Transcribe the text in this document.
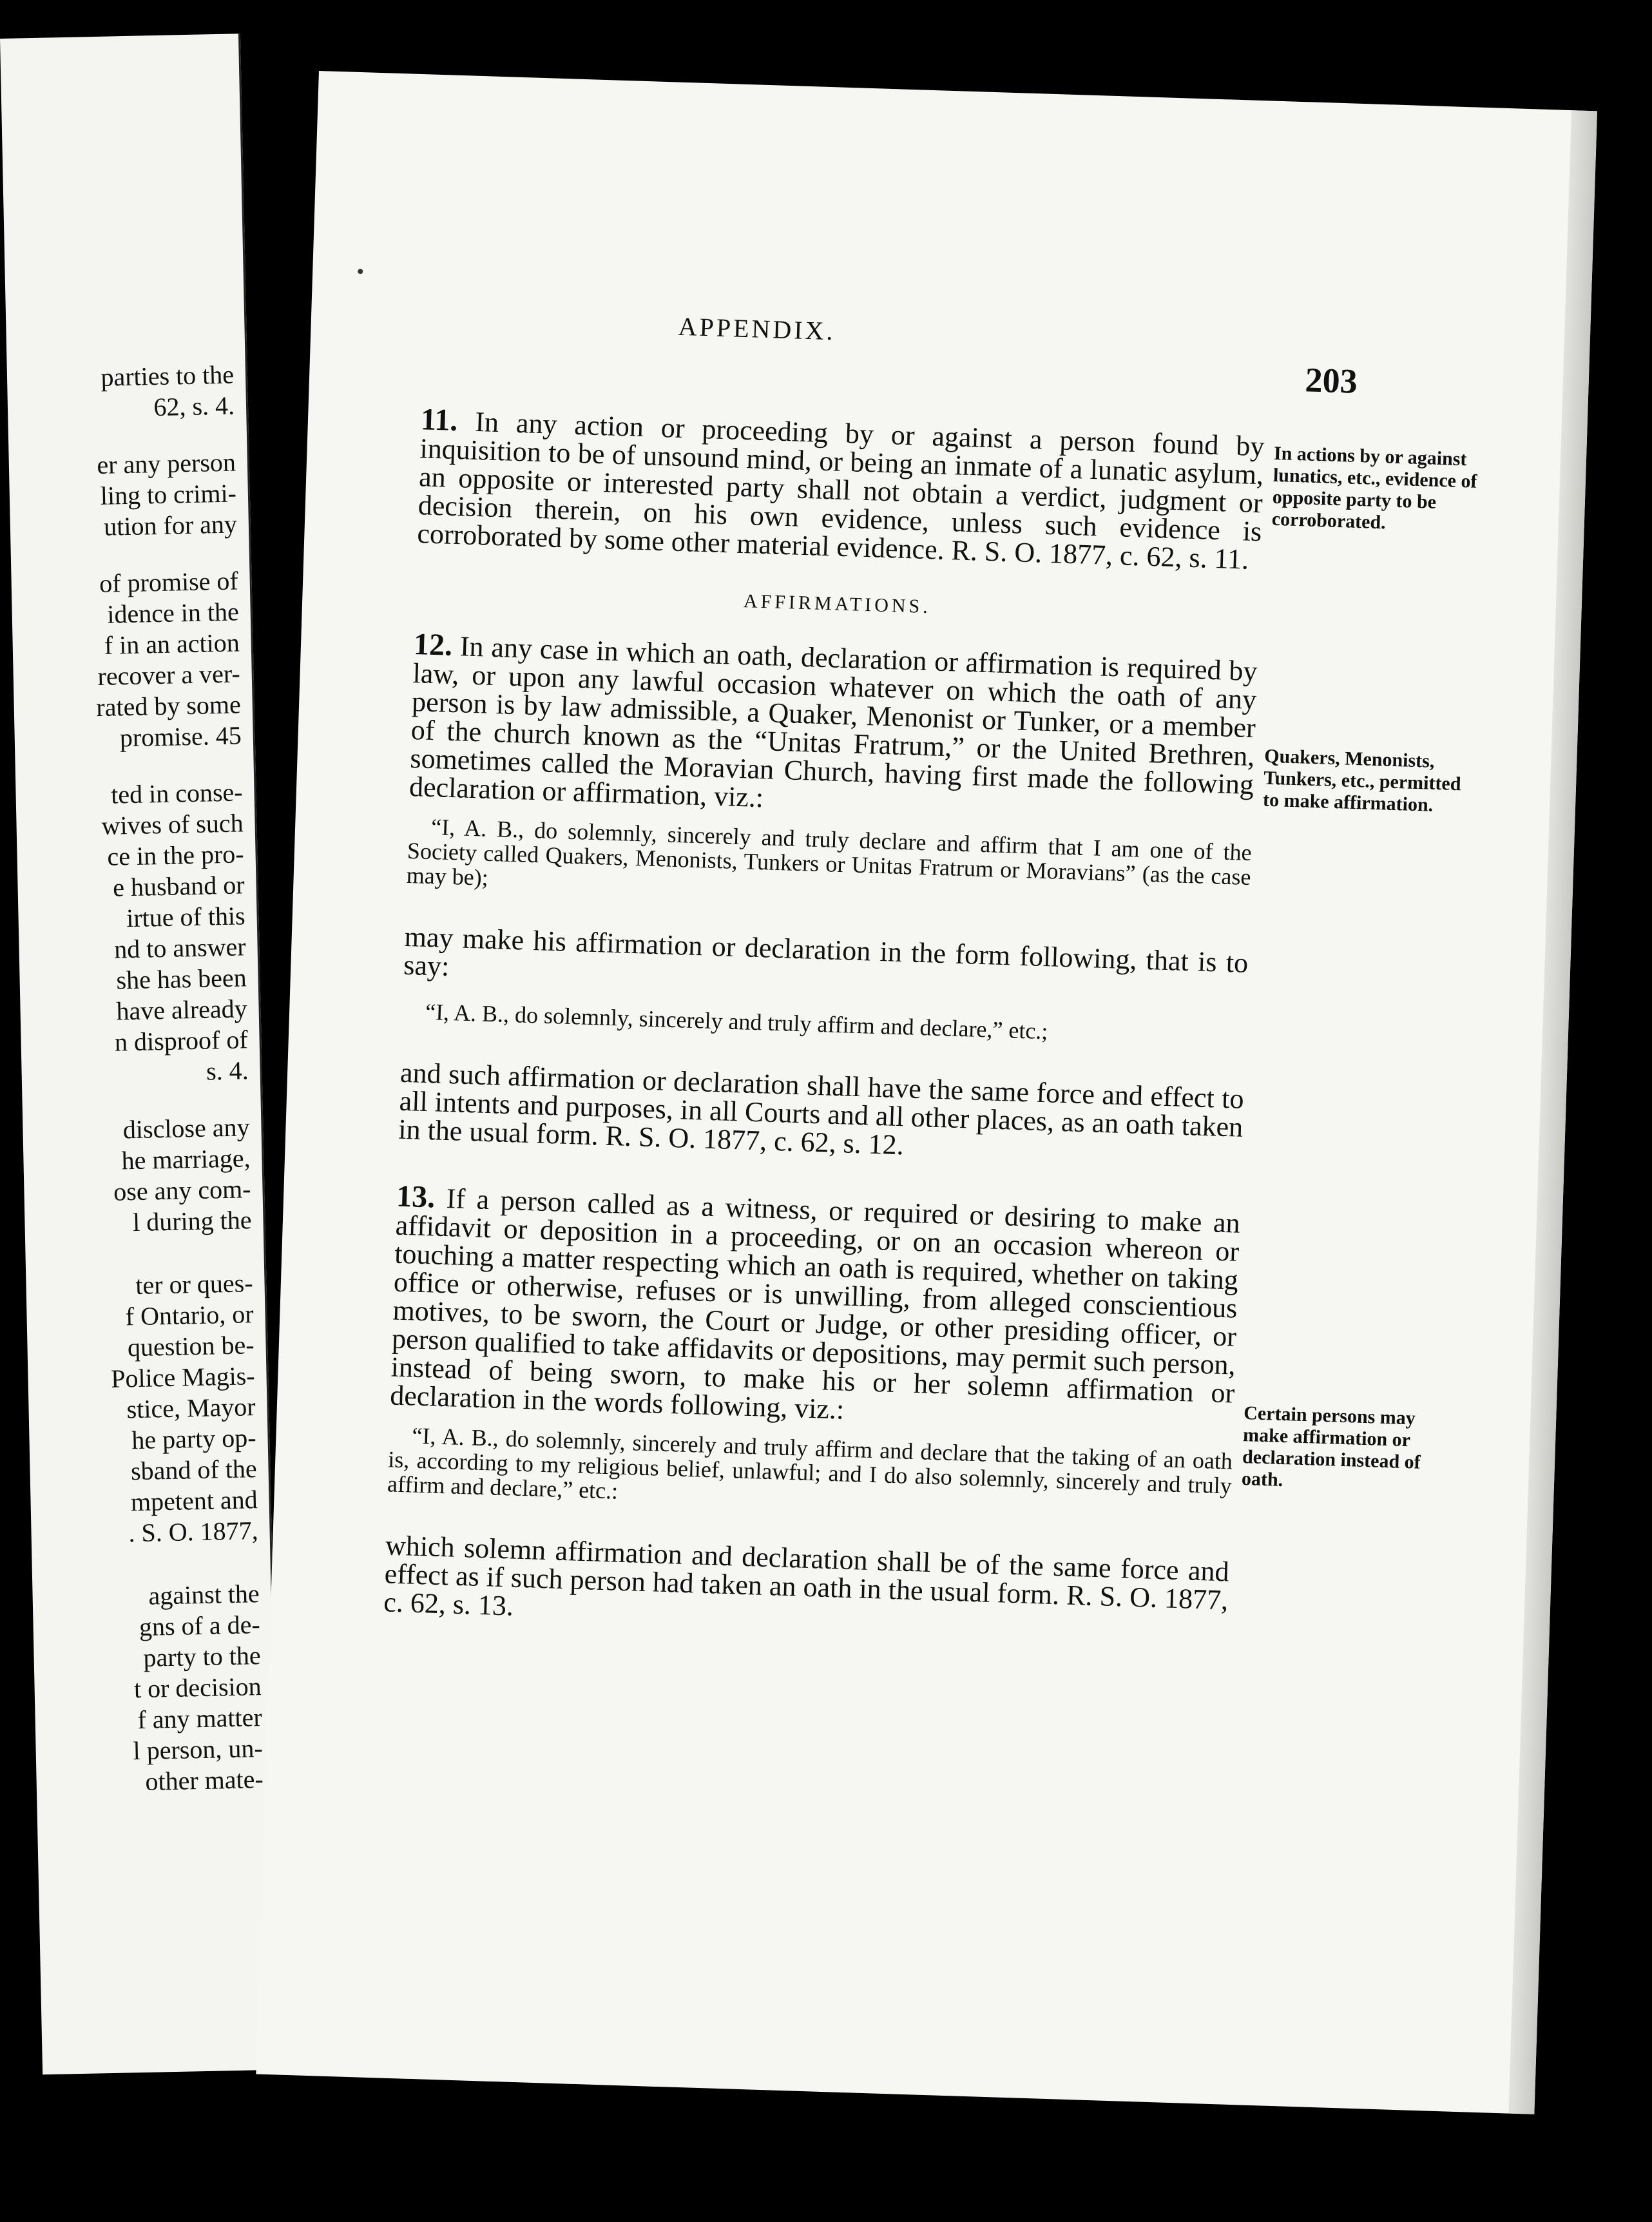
parties to the
62, s. 4.
er any person
ling to crimi-
ution for any
of promise of
idence in the
f in an action
recover a ver-
rated by some
promise. 45
ted in conse-
wives of such
ce in the pro-
e husband or
irtue of this
nd to answer
she has been
have already
n disproof of
s. 4.
disclose any
he marriage,
ose any com-
l during the
ter or ques-
f Ontario, or
question be-
Police Magis-
stice, Mayor
he party op-
sband of the
mpetent and
. S. O. 1877,
against the
gns of a de-
party to the
t or decision
f any matter
l person, un-
other mate-
APPENDIX.
203

11. In any action or proceeding by or against a person found by inquisition to be of unsound mind, or being an inmate of a lunatic asylum, an opposite or interested party shall not obtain a verdict, judgment or decision therein, on his own evidence, unless such evidence is corroborated by some other material evidence. R. S. O. 1877, c. 62, s. 11.

AFFIRMATIONS.

12. In any case in which an oath, declaration or affirmation is required by law, or upon any lawful occasion whatever on which the oath of any person is by law admissible, a Quaker, Menonist or Tunker, or a member of the church known as the “Unitas Fratrum,” or the United Brethren, sometimes called the Moravian Church, having first made the following declaration or affirmation, viz.:

“I, A. B., do solemnly, sincerely and truly declare and affirm that I am one of the Society called Quakers, Menonists, Tunkers or Unitas Fratrum or Moravians” (as the case may be);

may make his affirmation or declaration in the form following, that is to say:

“I, A. B., do solemnly, sincerely and truly affirm and declare,” etc.;

and such affirmation or declaration shall have the same force and effect to all intents and purposes, in all Courts and all other places, as an oath taken in the usual form. R. S. O. 1877, c. 62, s. 12.

13. If a person called as a witness, or required or desiring to make an affidavit or deposition in a proceeding, or on an occasion whereon or touching a matter respecting which an oath is required, whether on taking office or otherwise, refuses or is unwilling, from alleged conscientious motives, to be sworn, the Court or Judge, or other presiding officer, or person qualified to take affidavits or depositions, may permit such person, instead of being sworn, to make his or her solemn affirmation or declaration in the words following, viz.:

“I, A. B., do solemnly, sincerely and truly affirm and declare that the taking of an oath is, according to my religious belief, unlawful; and I do also solemnly, sincerely and truly affirm and declare,” etc.:

which solemn affirmation and declaration shall be of the same force and effect as if such person had taken an oath in the usual form. R. S. O. 1877, c. 62, s. 13.

In actions by or against lunatics, etc., evidence of opposite party to be corroborated.
Quakers, Menonists, Tunkers, etc., permitted to make affirmation.
Certain persons may make affirmation or declaration instead of oath.
